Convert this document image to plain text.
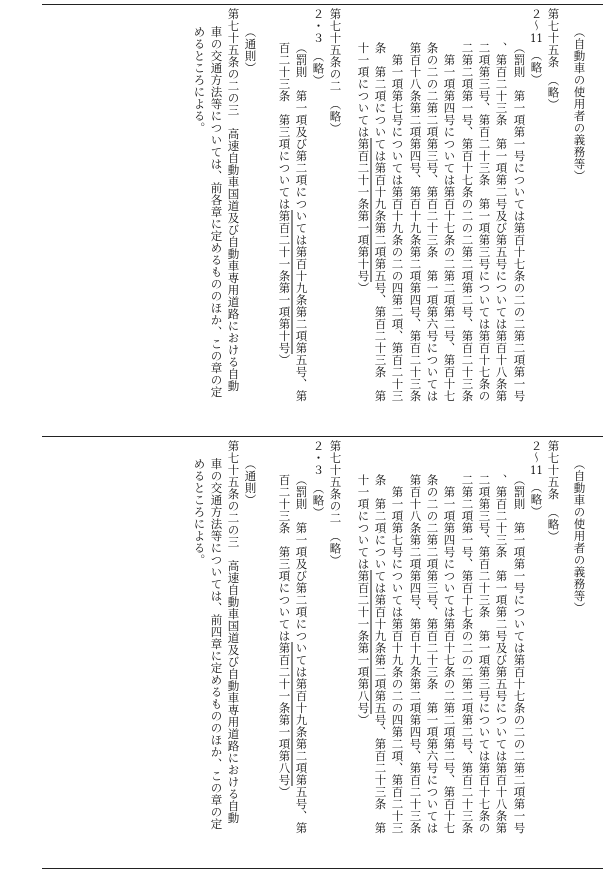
（自動車の使用者の義務等）
第七十五条　（略）
２〜11　（略）
（罰則　第一項第一号については第百十七条の二の二第二項第一号
、第百二十三条　第一項第二号及び第五号については第百十八条第
二項第三号、第百二十三条　第一項第三号については第百十七条の
二第二項第一号、第百十七条の二の二第二項第二号、第百二十三条
　第一項第四号については第百十七条の二第二項第二号、第百十七
条の二の二第二項第三号、第百二十三条　第一項第六号については
第百十八条第二項第四号、第百十九条第二項第四号、第百二十三条
　第一項第七号については第百十九条の二の四第二項、第百二十三
条　第二項については第百十九条第二項第五号、第百二十三条　第
十一項については第百二十一条第一項第十号）
第七十五条の二　（略）
２・３　（略）
（罰則　第一項及び第二項については第百十九条第二項第五号、第
百二十三条　第三項については第百二十一条第一項第十号）
（通則）
第七十五条の二の三　高速自動車国道及び自動車専用道路における自動
車の交通方法等については、前各章に定めるもののほか、この章の定
めるところによる。
（自動車の使用者の義務等）
第七十五条　（略）
２〜11　（略）
（罰則　第一項第一号については第百十七条の二の二第二項第一号
、第百二十三条　第一項第二号及び第五号については第百十八条第
二項第三号、第百二十三条　第一項第三号については第百十七条の
二第二項第一号、第百十七条の二の二第二項第二号、第百二十三条
　第一項第四号については第百十七条の二第二項第二号、第百十七
条の二の二第二項第三号、第百二十三条　第一項第六号については
第百十八条第二項第四号、第百十九条第二項第四号、第百二十三条
　第一項第七号については第百十九条の二の四第二項、第百二十三
条　第二項については第百十九条第二項第五号、第百二十三条　第
十一項については第百二十一条第一項第八号）
第七十五条の二　（略）
２・３　（略）
（罰則　第一項及び第二項については第百十九条第二項第五号、第
百二十三条　第三項については第百二十一条第一項第八号）
（通則）
第七十五条の二の三　高速自動車国道及び自動車専用道路における自動
車の交通方法等については、前四章に定めるもののほか、この章の定
めるところによる。
